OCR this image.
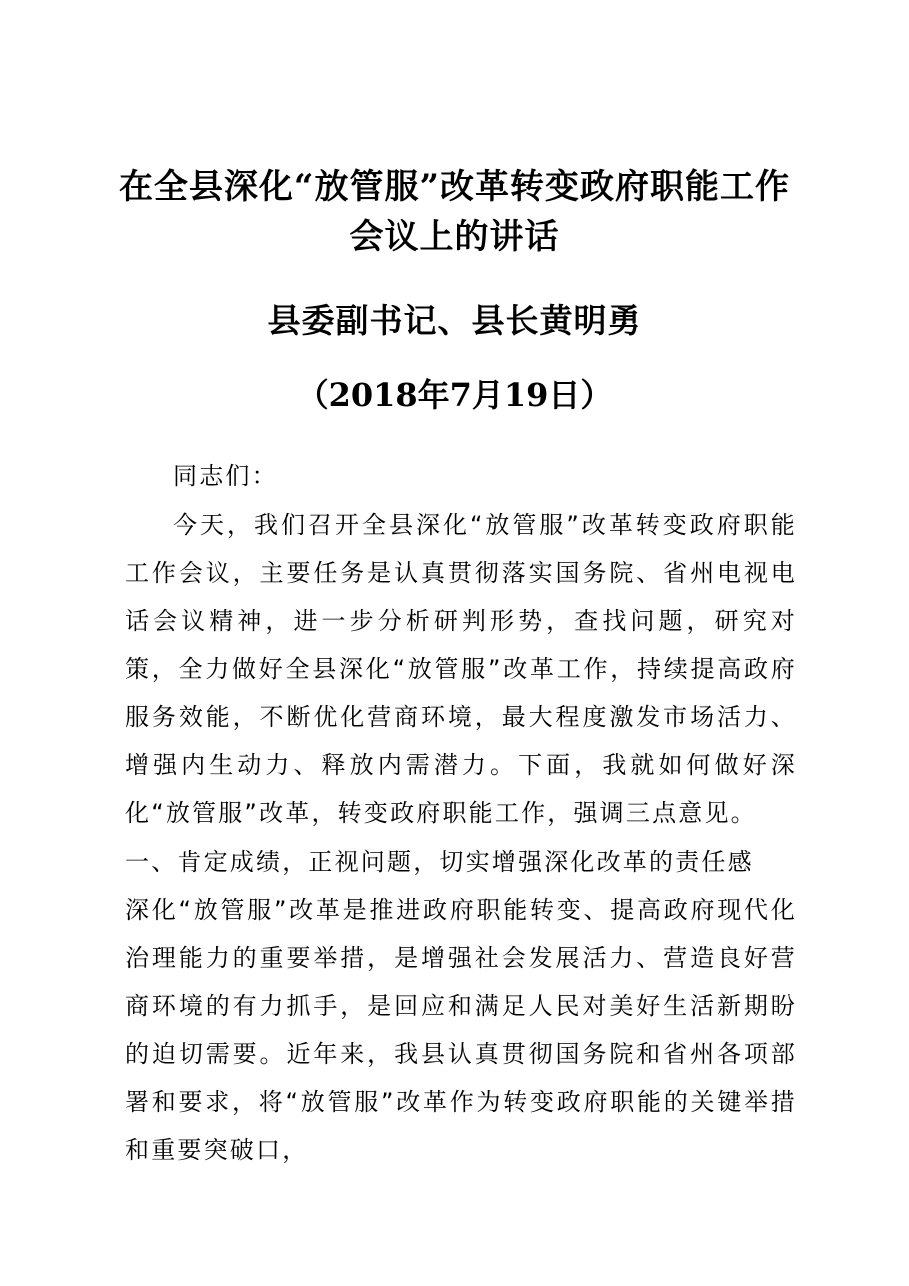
在全县深化“放管服”改革转变政府职能工作
会议上的讲话
县委副书记、县长黄明勇
（2018年7月19日）

同志们：

今天，我们召开全县深化“放管服”改革转变政府职能工作会议，主要任务是认真贯彻落实国务院、省州电视电话会议精神，进一步分析研判形势，查找问题，研究对策，全力做好全县深化“放管服”改革工作，持续提高政府服务效能，不断优化营商环境，最大程度激发市场活力、增强内生动力、释放内需潜力。下面，我就如何做好深化“放管服”改革，转变政府职能工作，强调三点意见。

一、肯定成绩，正视问题，切实增强深化改革的责任感

深化“放管服”改革是推进政府职能转变、提高政府现代化治理能力的重要举措，是增强社会发展活力、营造良好营商环境的有力抓手，是回应和满足人民对美好生活新期盼的迫切需要。近年来，我县认真贯彻国务院和省州各项部署和要求，将“放管服”改革作为转变政府职能的关键举措和重要突破口，
